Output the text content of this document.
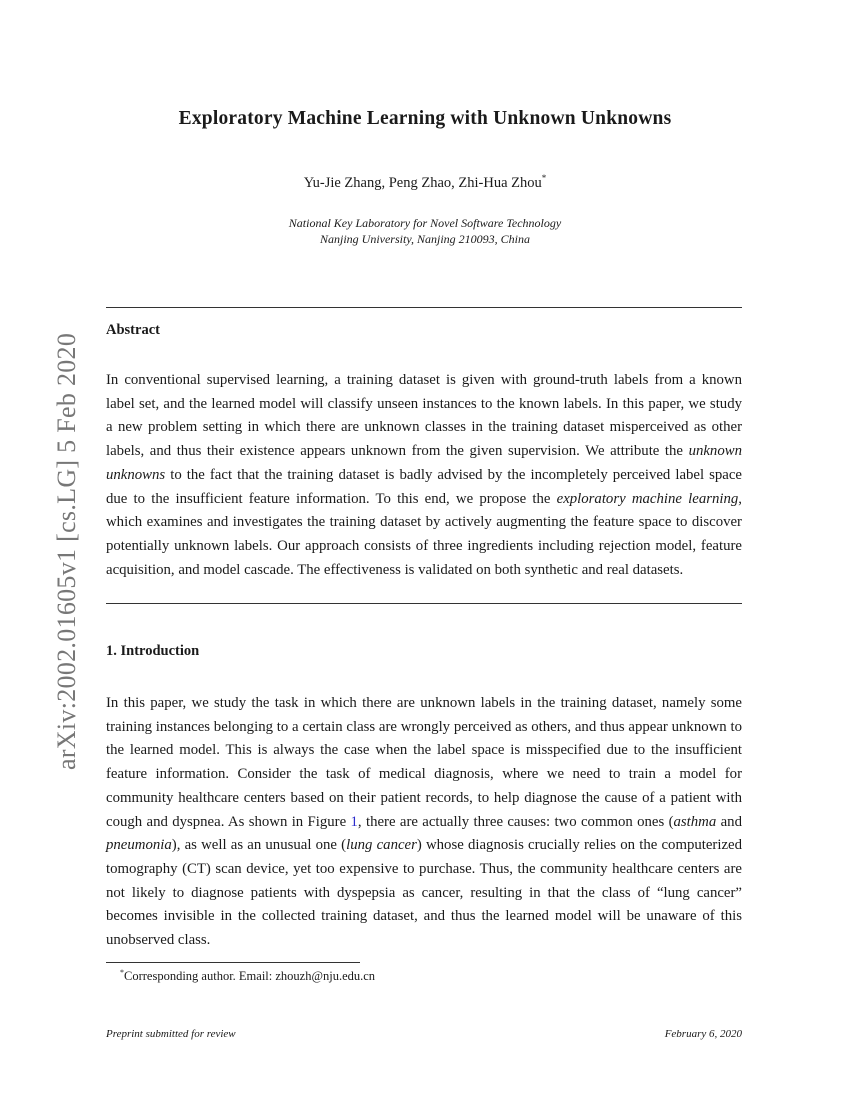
arXiv:2002.01605v1 [cs.LG] 5 Feb 2020
Exploratory Machine Learning with Unknown Unknowns
Yu-Jie Zhang, Peng Zhao, Zhi-Hua Zhou*
National Key Laboratory for Novel Software Technology
Nanjing University, Nanjing 210093, China
Abstract
In conventional supervised learning, a training dataset is given with ground-truth labels from a known label set, and the learned model will classify unseen instances to the known labels. In this paper, we study a new problem setting in which there are unknown classes in the training dataset misperceived as other labels, and thus their existence appears unknown from the given supervision. We attribute the unknown unknowns to the fact that the training dataset is badly advised by the incompletely perceived label space due to the insufficient feature information. To this end, we propose the exploratory machine learning, which examines and investigates the training dataset by actively augmenting the feature space to discover potentially unknown labels. Our approach consists of three ingredients including rejection model, feature acquisition, and model cascade. The effectiveness is validated on both synthetic and real datasets.
1. Introduction
In this paper, we study the task in which there are unknown labels in the training dataset, namely some training instances belonging to a certain class are wrongly perceived as others, and thus appear unknown to the learned model. This is always the case when the label space is misspecified due to the insufficient feature information. Consider the task of medical diagnosis, where we need to train a model for community healthcare centers based on their patient records, to help diagnose the cause of a patient with cough and dyspnea. As shown in Figure 1, there are actually three causes: two common ones (asthma and pneumonia), as well as an unusual one (lung cancer) whose diagnosis crucially relies on the computerized tomography (CT) scan device, yet too expensive to purchase. Thus, the community healthcare centers are not likely to diagnose patients with dyspepsia as cancer, resulting in that the class of “lung cancer” becomes invisible in the collected training dataset, and thus the learned model will be unaware of this unobserved class.
*Corresponding author. Email: zhouzh@nju.edu.cn
Preprint submitted for review	February 6, 2020
